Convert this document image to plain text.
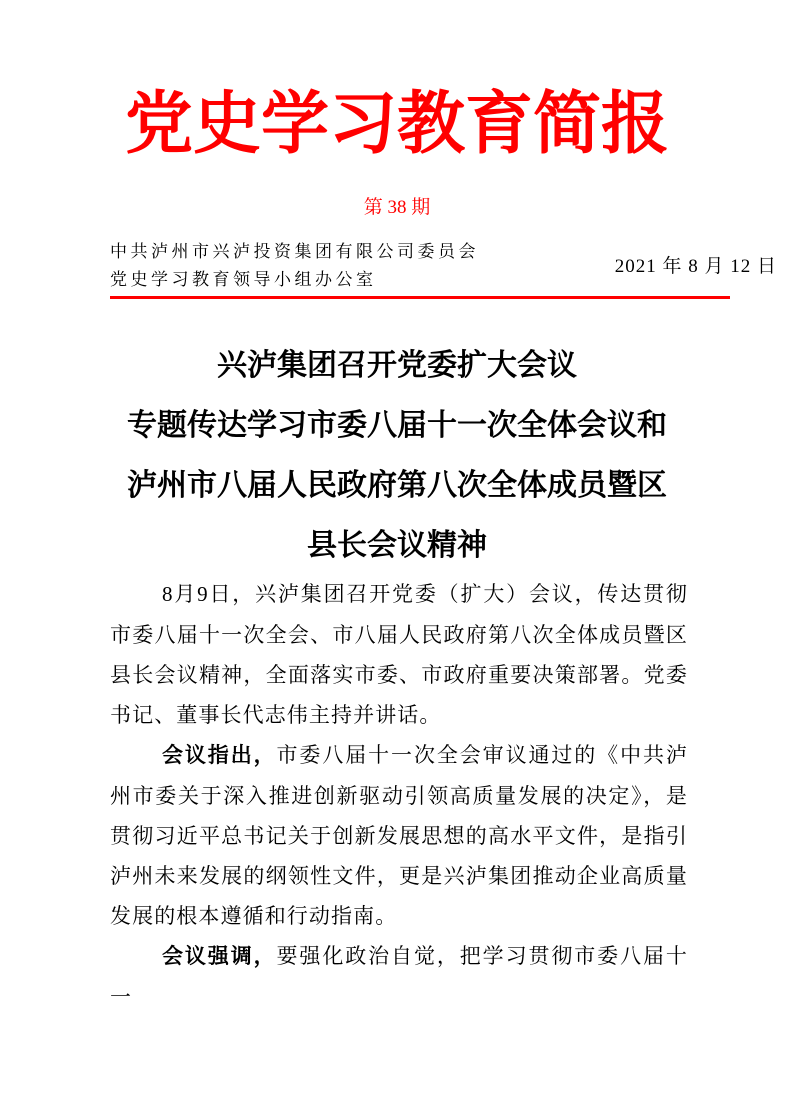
党史学习教育简报
第 38 期
中共泸州市兴泸投资集团有限公司委员会
党史学习教育领导小组办公室
2021 年 8 月 12 日
兴泸集团召开党委扩大会议
专题传达学习市委八届十一次全体会议和
泸州市八届人民政府第八次全体成员暨区
县长会议精神

8月9日，兴泸集团召开党委（扩大）会议，传达贯彻市委八届十一次全会、市八届人民政府第八次全体成员暨区县长会议精神，全面落实市委、市政府重要决策部署。党委书记、董事长代志伟主持并讲话。

会议指出，市委八届十一次全会审议通过的《中共泸州市委关于深入推进创新驱动引领高质量发展的决定》，是贯彻习近平总书记关于创新发展思想的高水平文件，是指引泸州未来发展的纲领性文件，更是兴泸集团推动企业高质量发展的根本遵循和行动指南。

会议强调，要强化政治自觉，把学习贯彻市委八届十一
